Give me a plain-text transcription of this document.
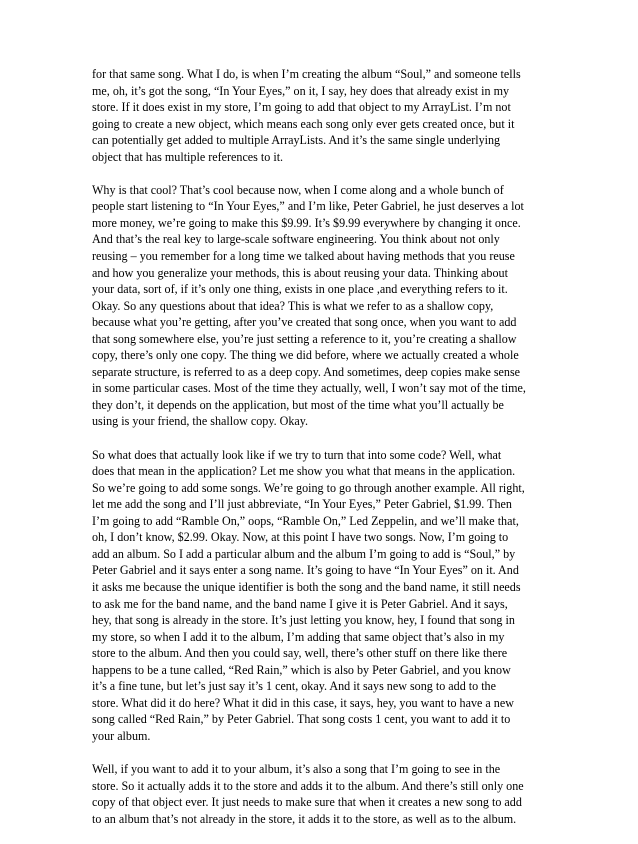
for that same song. What I do, is when I’m creating the album “Soul,” and someone tells
me, oh, it’s got the song, “In Your Eyes,” on it, I say, hey does that already exist in my
store. If it does exist in my store, I’m going to add that object to my ArrayList. I’m not
going to create a new object, which means each song only ever gets created once, but it
can potentially get added to multiple ArrayLists. And it’s the same single underlying
object that has multiple references to it.

Why is that cool? That’s cool because now, when I come along and a whole bunch of
people start listening to “In Your Eyes,” and I’m like, Peter Gabriel, he just deserves a lot
more money, we’re going to make this $9.99. It’s $9.99 everywhere by changing it once.
And that’s the real key to large-scale software engineering. You think about not only
reusing – you remember for a long time we talked about having methods that you reuse
and how you generalize your methods, this is about reusing your data. Thinking about
your data, sort of, if it’s only one thing, exists in one place ,and everything refers to it.
Okay. So any questions about that idea? This is what we refer to as a shallow copy,
because what you’re getting, after you’ve created that song once, when you want to add
that song somewhere else, you’re just setting a reference to it, you’re creating a shallow
copy, there’s only one copy. The thing we did before, where we actually created a whole
separate structure, is referred to as a deep copy. And sometimes, deep copies make sense
in some particular cases. Most of the time they actually, well, I won’t say mot of the time,
they don’t, it depends on the application, but most of the time what you’ll actually be
using is your friend, the shallow copy. Okay.

So what does that actually look like if we try to turn that into some code? Well, what
does that mean in the application? Let me show you what that means in the application.
So we’re going to add some songs. We’re going to go through another example. All right,
let me add the song and I’ll just abbreviate, “In Your Eyes,” Peter Gabriel, $1.99. Then
I’m going to add “Ramble On,” oops, “Ramble On,” Led Zeppelin, and we’ll make that,
oh, I don’t know, $2.99. Okay. Now, at this point I have two songs. Now, I’m going to
add an album. So I add a particular album and the album I’m going to add is “Soul,” by
Peter Gabriel and it says enter a song name. It’s going to have “In Your Eyes” on it. And
it asks me because the unique identifier is both the song and the band name, it still needs
to ask me for the band name, and the band name I give it is Peter Gabriel. And it says,
hey, that song is already in the store. It’s just letting you know, hey, I found that song in
my store, so when I add it to the album, I’m adding that same object that’s also in my
store to the album. And then you could say, well, there’s other stuff on there like there
happens to be a tune called, “Red Rain,” which is also by Peter Gabriel, and you know
it’s a fine tune, but let’s just say it’s 1 cent, okay. And it says new song to add to the
store. What did it do here? What it did in this case, it says, hey, you want to have a new
song called “Red Rain,” by Peter Gabriel. That song costs 1 cent, you want to add it to
your album.

Well, if you want to add it to your album, it’s also a song that I’m going to see in the
store. So it actually adds it to the store and adds it to the album. And there’s still only one
copy of that object ever. It just needs to make sure that when it creates a new song to add
to an album that’s not already in the store, it adds it to the store, as well as to the album.
